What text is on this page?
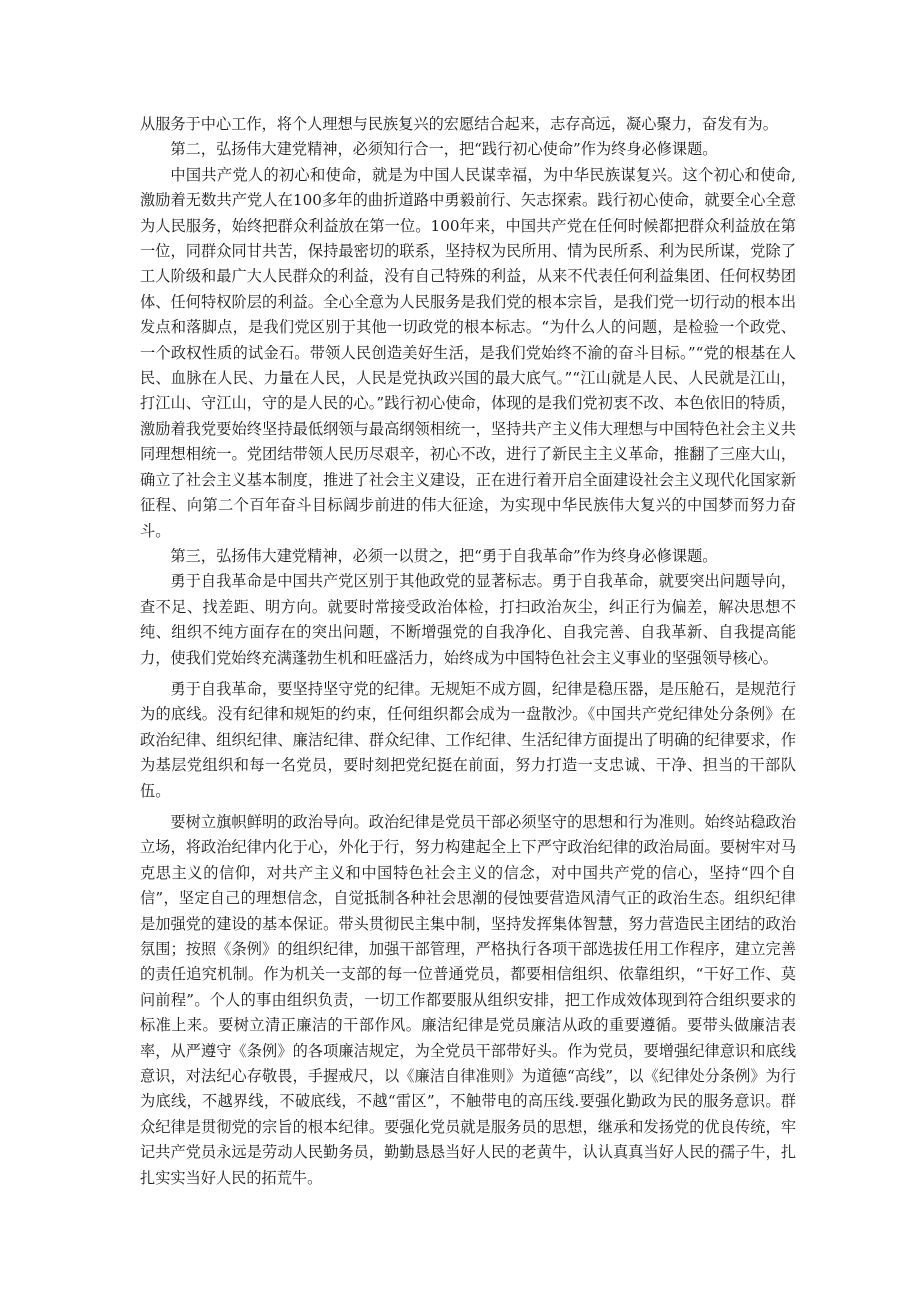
从服务于中心工作，将个人理想与民族复兴的宏愿结合起来，志存高远，凝心聚力，奋发有为。

第二，弘扬伟大建党精神，必须知行合一，把“践行初心使命”作为终身必修课题。

中国共产党人的初心和使命，就是为中国人民谋幸福，为中华民族谋复兴。这个初心和使命,激励着无数共产党人在100多年的曲折道路中勇毅前行、矢志探索。践行初心使命，就要全心全意为人民服务，始终把群众利益放在第一位。100年来，中国共产党在任何时候都把群众利益放在第一位，同群众同甘共苦，保持最密切的联系，坚持权为民所用、情为民所系、利为民所谋，党除了工人阶级和最广大人民群众的利益，没有自己特殊的利益，从来不代表任何利益集团、任何权势团体、任何特权阶层的利益。全心全意为人民服务是我们党的根本宗旨，是我们党一切行动的根本出发点和落脚点，是我们党区别于其他一切政党的根本标志。“为什么人的问题，是检验一个政党、一个政权性质的试金石。带领人民创造美好生活，是我们党始终不渝的奋斗目标。”“党的根基在人民、血脉在人民、力量在人民，人民是党执政兴国的最大底气。”“江山就是人民、人民就是江山，打江山、守江山，守的是人民的心。”践行初心使命，体现的是我们党初衷不改、本色依旧的特质，激励着我党要始终坚持最低纲领与最高纲领相统一，坚持共产主义伟大理想与中国特色社会主义共同理想相统一。党团结带领人民历尽艰辛，初心不改，进行了新民主主义革命，推翻了三座大山，确立了社会主义基本制度，推进了社会主义建设，正在进行着开启全面建设社会主义现代化国家新征程、向第二个百年奋斗目标阔步前进的伟大征途，为实现中华民族伟大复兴的中国梦而努力奋斗。

第三，弘扬伟大建党精神，必须一以贯之，把“勇于自我革命”作为终身必修课题。

勇于自我革命是中国共产党区别于其他政党的显著标志。勇于自我革命，就要突出问题导向，查不足、找差距、明方向。就要时常接受政治体检，打扫政治灰尘，纠正行为偏差，解决思想不纯、组织不纯方面存在的突出问题，不断增强党的自我净化、自我完善、自我革新、自我提高能力，使我们党始终充满蓬勃生机和旺盛活力，始终成为中国特色社会主义事业的坚强领导核心。

勇于自我革命，要坚持坚守党的纪律。无规矩不成方圆，纪律是稳压器，是压舱石，是规范行为的底线。没有纪律和规矩的约束，任何组织都会成为一盘散沙。《中国共产党纪律处分条例》在政治纪律、组织纪律、廉洁纪律、群众纪律、工作纪律、生活纪律方面提出了明确的纪律要求，作为基层党组织和每一名党员，要时刻把党纪挺在前面，努力打造一支忠诚、干净、担当的干部队伍。

要树立旗帜鲜明的政治导向。政治纪律是党员干部必须坚守的思想和行为准则。始终站稳政治立场，将政治纪律内化于心，外化于行，努力构建起全上下严守政治纪律的政治局面。要树牢对马克思主义的信仰，对共产主义和中国特色社会主义的信念，对中国共产党的信心，坚持“四个自信”，坚定自己的理想信念，自觉抵制各种社会思潮的侵蚀要营造风清气正的政治生态。组织纪律是加强党的建设的基本保证。带头贯彻民主集中制，坚持发挥集体智慧，努力营造民主团结的政治氛围；按照《条例》的组织纪律，加强干部管理，严格执行各项干部选拔任用工作程序，建立完善的责任追究机制。作为机关一支部的每一位普通党员，都要相信组织、依靠组织，“干好工作、莫问前程”。个人的事由组织负责，一切工作都要服从组织安排，把工作成效体现到符合组织要求的标准上来。要树立清正廉洁的干部作风。廉洁纪律是党员廉洁从政的重要遵循。要带头做廉洁表率，从严遵守《条例》的各项廉洁规定，为全党员干部带好头。作为党员，要增强纪律意识和底线意识，对法纪心存敬畏，手握戒尺，以《廉洁自律准则》为道德“高线”，以《纪律处分条例》为行为底线，不越界线，不破底线，不越“雷区”，不触带电的高压线.要强化勤政为民的服务意识。群众纪律是贯彻党的宗旨的根本纪律。要强化党员就是服务员的思想，继承和发扬党的优良传统，牢记共产党员永远是劳动人民勤务员，勤勤恳恳当好人民的老黄牛，认认真真当好人民的孺子牛，扎扎实实当好人民的拓荒牛。
